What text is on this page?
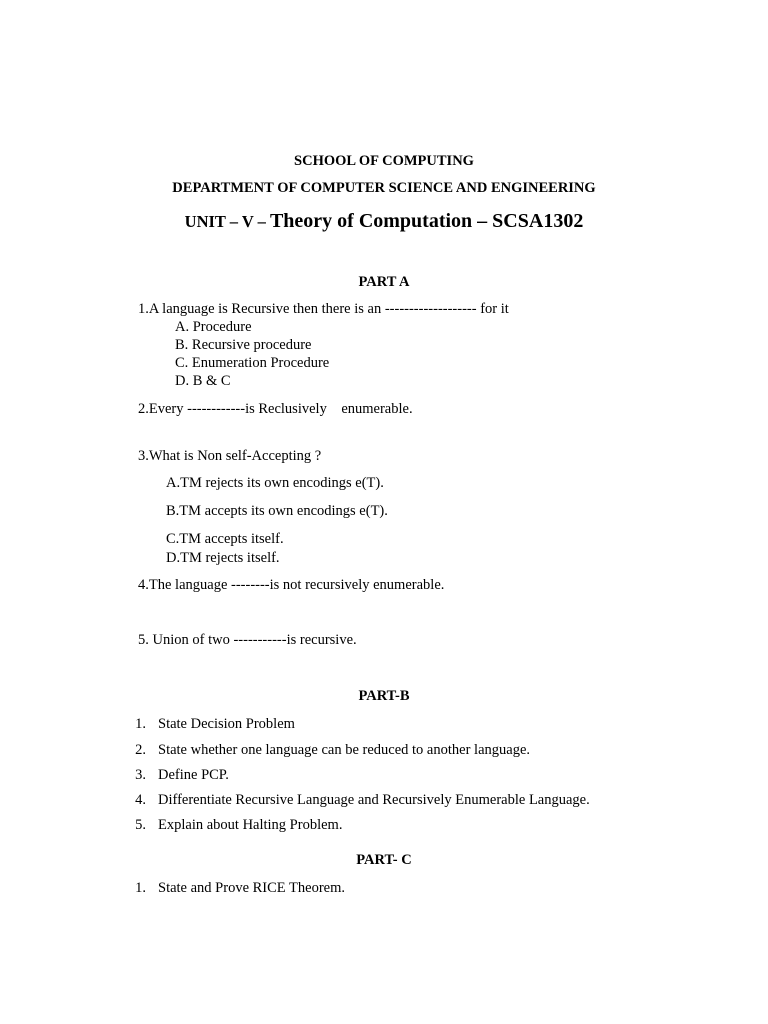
SCHOOL OF COMPUTING
DEPARTMENT OF COMPUTER SCIENCE AND ENGINEERING
UNIT – V – Theory of Computation – SCSA1302
PART A
1.A language is Recursive then there is an ------------------- for it
A. Procedure
B. Recursive procedure
C. Enumeration Procedure
D. B & C
2.Every ------------is Reclusively    enumerable.
3.What is Non self-Accepting ?
A.TM rejects its own encodings e(T).
B.TM accepts its own encodings e(T).
C.TM accepts itself.
D.TM rejects itself.
4.The language --------is not recursively enumerable.
5. Union of two -----------is recursive.
PART-B
1. State Decision Problem
2. State whether one language can be reduced to another language.
3. Define PCP.
4. Differentiate Recursive Language and Recursively Enumerable Language.
5. Explain about Halting Problem.
PART- C
1. State and Prove RICE Theorem.
